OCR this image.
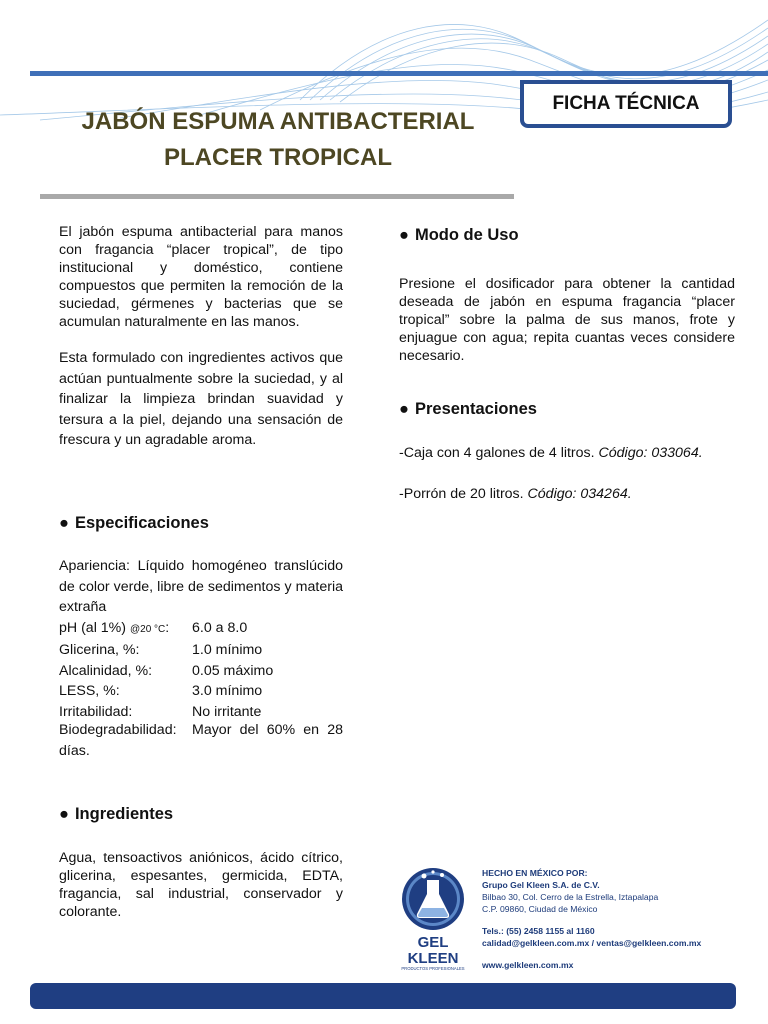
FICHA TÉCNICA
JABÓN ESPUMA ANTIBACTERIAL
PLACER TROPICAL
El jabón espuma antibacterial para manos con fragancia “placer tropical”, de tipo institucional y doméstico, contiene compuestos que permiten la remoción de la suciedad, gérmenes y bacterias que se acumulan naturalmente en las manos.
Esta formulado con ingredientes activos que actúan puntualmente sobre la suciedad, y al finalizar la limpieza brindan suavidad y tersura a la piel, dejando una sensación de frescura y un agradable aroma.
● Especificaciones
Apariencia: Líquido homogéneo translúcido de color verde, libre de sedimentos y materia extraña
pH (al 1%) @20 °C:	6.0 a 8.0
Glicerina, %:	1.0 mínimo
Alcalinidad, %:	0.05 máximo
LESS, %:	3.0 mínimo
Irritabilidad:	No irritante

Biodegradabilidad: Mayor del 60% en 28 días.
● Ingredientes
Agua, tensoactivos aniónicos, ácido cítrico, glicerina, espesantes, germicida, EDTA, fragancia, sal industrial, conservador y colorante.
● Modo de Uso
Presione el dosificador para obtener la cantidad deseada de jabón en espuma fragancia “placer tropical” sobre la palma de sus manos, frote y enjuague con agua; repita cuantas veces considere necesario.
● Presentaciones
-Caja con 4 galones de 4 litros. Código: 033064.
-Porrón de 20 litros. Código: 034264.
GEL
KLEEN
PRODUCTOS PROFESIONALES
HECHO EN MÉXICO POR:
Grupo Gel Kleen S.A. de C.V.
Bilbao 30, Col. Cerro de la Estrella, Iztapalapa
C.P. 09860, Ciudad de México
Tels.: (55) 2458 1155 al 1160
calidad@gelkleen.com.mx / ventas@gelkleen.com.mx
www.gelkleen.com.mx
